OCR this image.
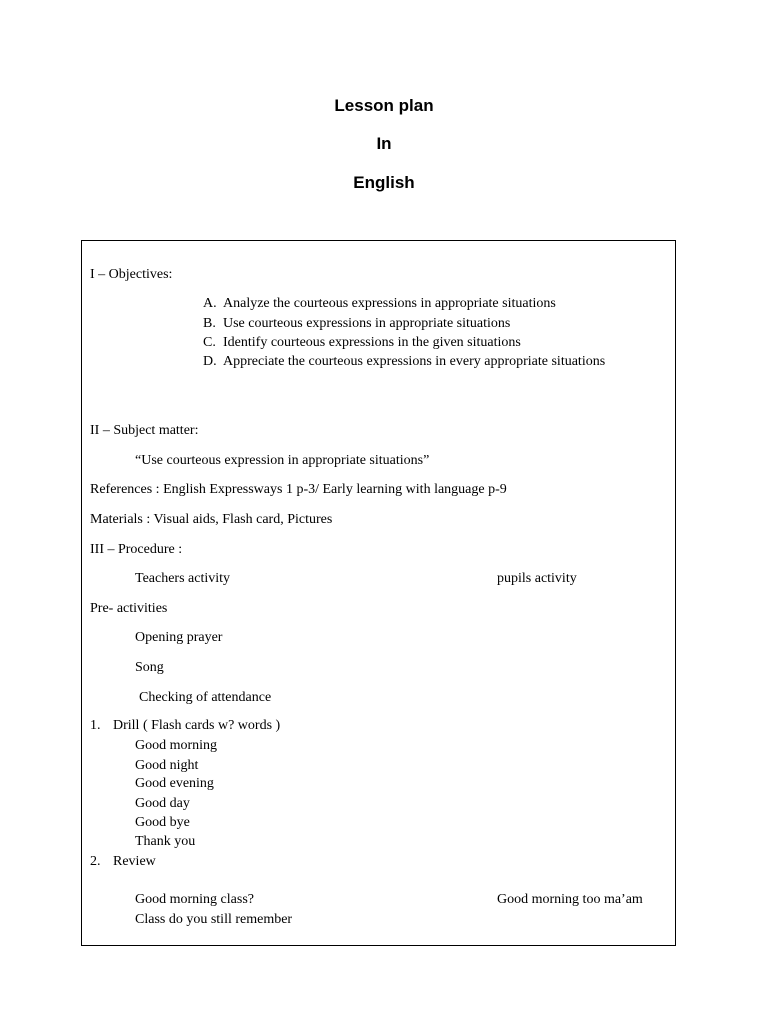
Lesson plan
In
English
I – Objectives:
A. Analyze the courteous expressions in appropriate situations
B. Use courteous expressions in appropriate situations
C. Identify courteous expressions in the given situations
D. Appreciate the courteous expressions in every appropriate situations
II – Subject matter:
“Use courteous expression in appropriate situations”
References : English Expressways 1 p-3/ Early learning with language p-9
Materials : Visual aids, Flash card, Pictures
III – Procedure :
Teachers activity	pupils activity
Pre- activities
Opening prayer
Song
Checking of attendance
1. Drill ( Flash cards w? words )
Good morning
Good night
Good evening
Good day
Good bye
Thank you
2. Review
Good morning class?	Good morning too ma’am
Class do you still remember
